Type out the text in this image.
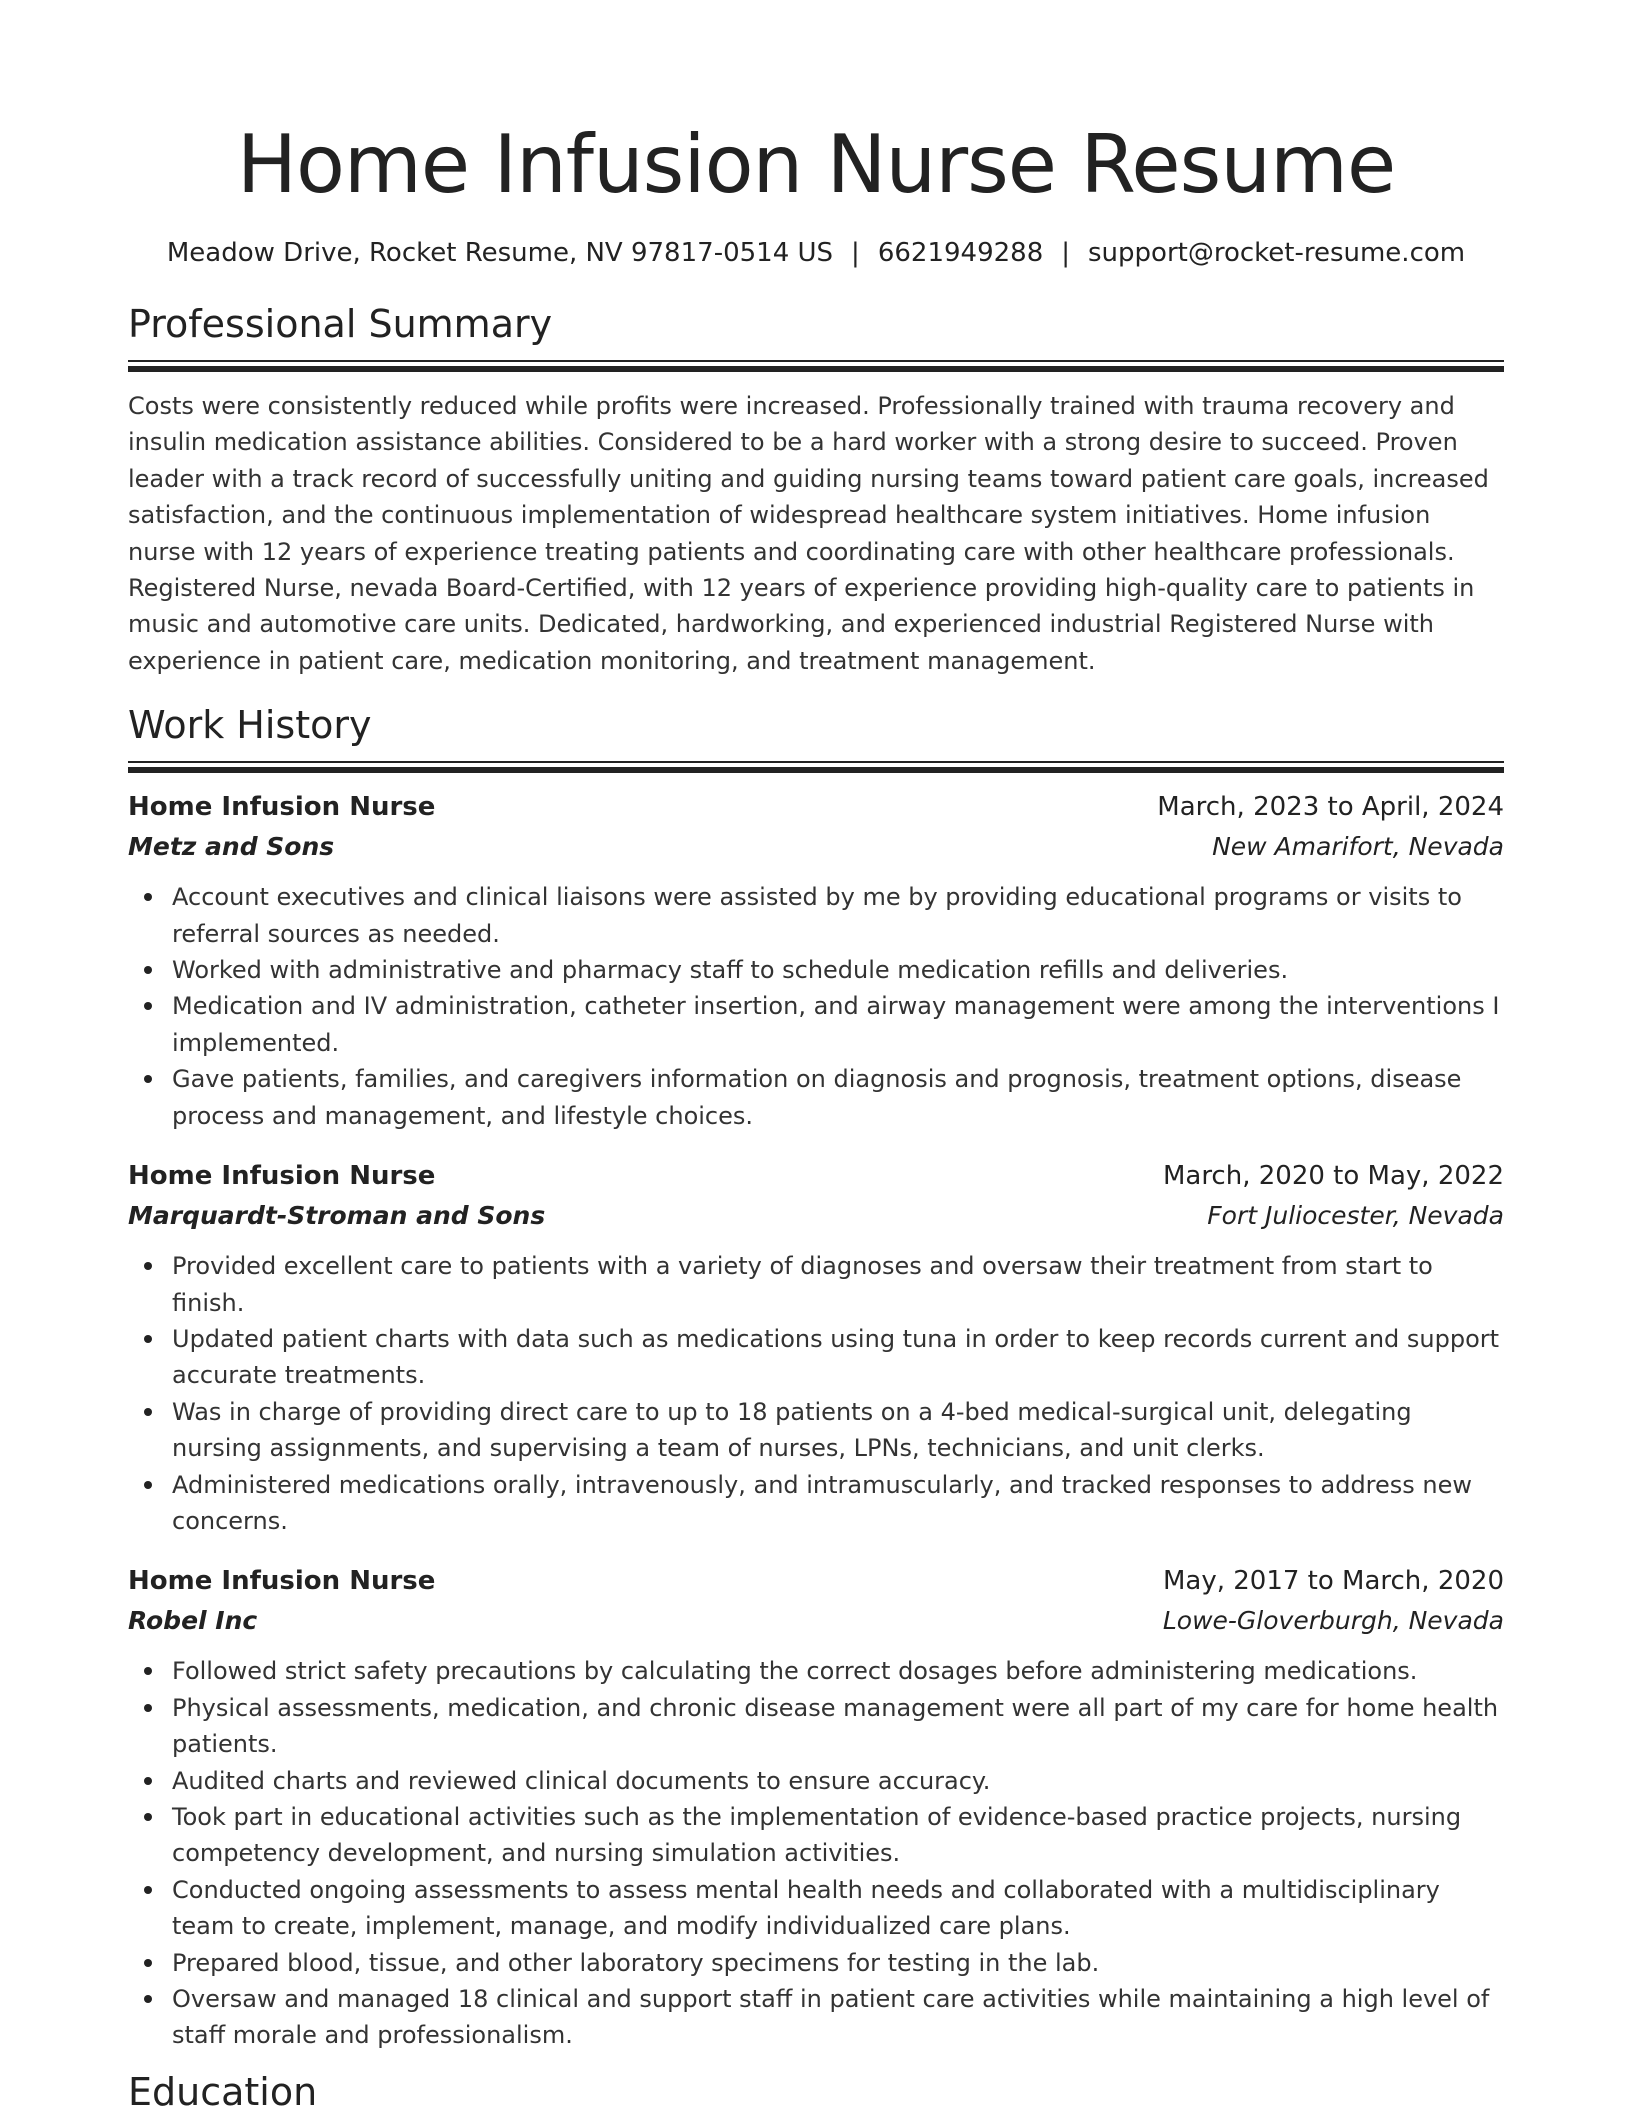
Home Infusion Nurse Resume
Meadow Drive, Rocket Resume, NV 97817-0514 US | 6621949288 | support@rocket-resume.com
Professional Summary

Costs were consistently reduced while profits were increased. Professionally trained with trauma recovery and insulin medication assistance abilities. Considered to be a hard worker with a strong desire to succeed. Proven leader with a track record of successfully uniting and guiding nursing teams toward patient care goals, increased satisfaction, and the continuous implementation of widespread healthcare system initiatives. Home infusion nurse with 12 years of experience treating patients and coordinating care with other healthcare professionals. Registered Nurse, nevada Board-Certified, with 12 years of experience providing high-quality care to patients in music and automotive care units. Dedicated, hardworking, and experienced industrial Registered Nurse with experience in patient care, medication monitoring, and treatment management.

Work History
Home Infusion Nurse	March, 2023 to April, 2024
Metz and Sons	New Amarifort, Nevada
Account executives and clinical liaisons were assisted by me by providing educational programs or visits to referral sources as needed.
Worked with administrative and pharmacy staff to schedule medication refills and deliveries.
Medication and IV administration, catheter insertion, and airway management were among the interventions I implemented.
Gave patients, families, and caregivers information on diagnosis and prognosis, treatment options, disease process and management, and lifestyle choices.
Home Infusion Nurse	March, 2020 to May, 2022
Marquardt-Stroman and Sons	Fort Juliocester, Nevada
Provided excellent care to patients with a variety of diagnoses and oversaw their treatment from start to finish.
Updated patient charts with data such as medications using tuna in order to keep records current and support accurate treatments.
Was in charge of providing direct care to up to 18 patients on a 4-bed medical-surgical unit, delegating nursing assignments, and supervising a team of nurses, LPNs, technicians, and unit clerks.
Administered medications orally, intravenously, and intramuscularly, and tracked responses to address new concerns.
Home Infusion Nurse	May, 2017 to March, 2020
Robel Inc	Lowe-Gloverburgh, Nevada
Followed strict safety precautions by calculating the correct dosages before administering medications.
Physical assessments, medication, and chronic disease management were all part of my care for home health patients.
Audited charts and reviewed clinical documents to ensure accuracy.
Took part in educational activities such as the implementation of evidence-based practice projects, nursing competency development, and nursing simulation activities.
Conducted ongoing assessments to assess mental health needs and collaborated with a multidisciplinary team to create, implement, manage, and modify individualized care plans.
Prepared blood, tissue, and other laboratory specimens for testing in the lab.
Oversaw and managed 18 clinical and support staff in patient care activities while maintaining a high level of staff morale and professionalism.
Education
